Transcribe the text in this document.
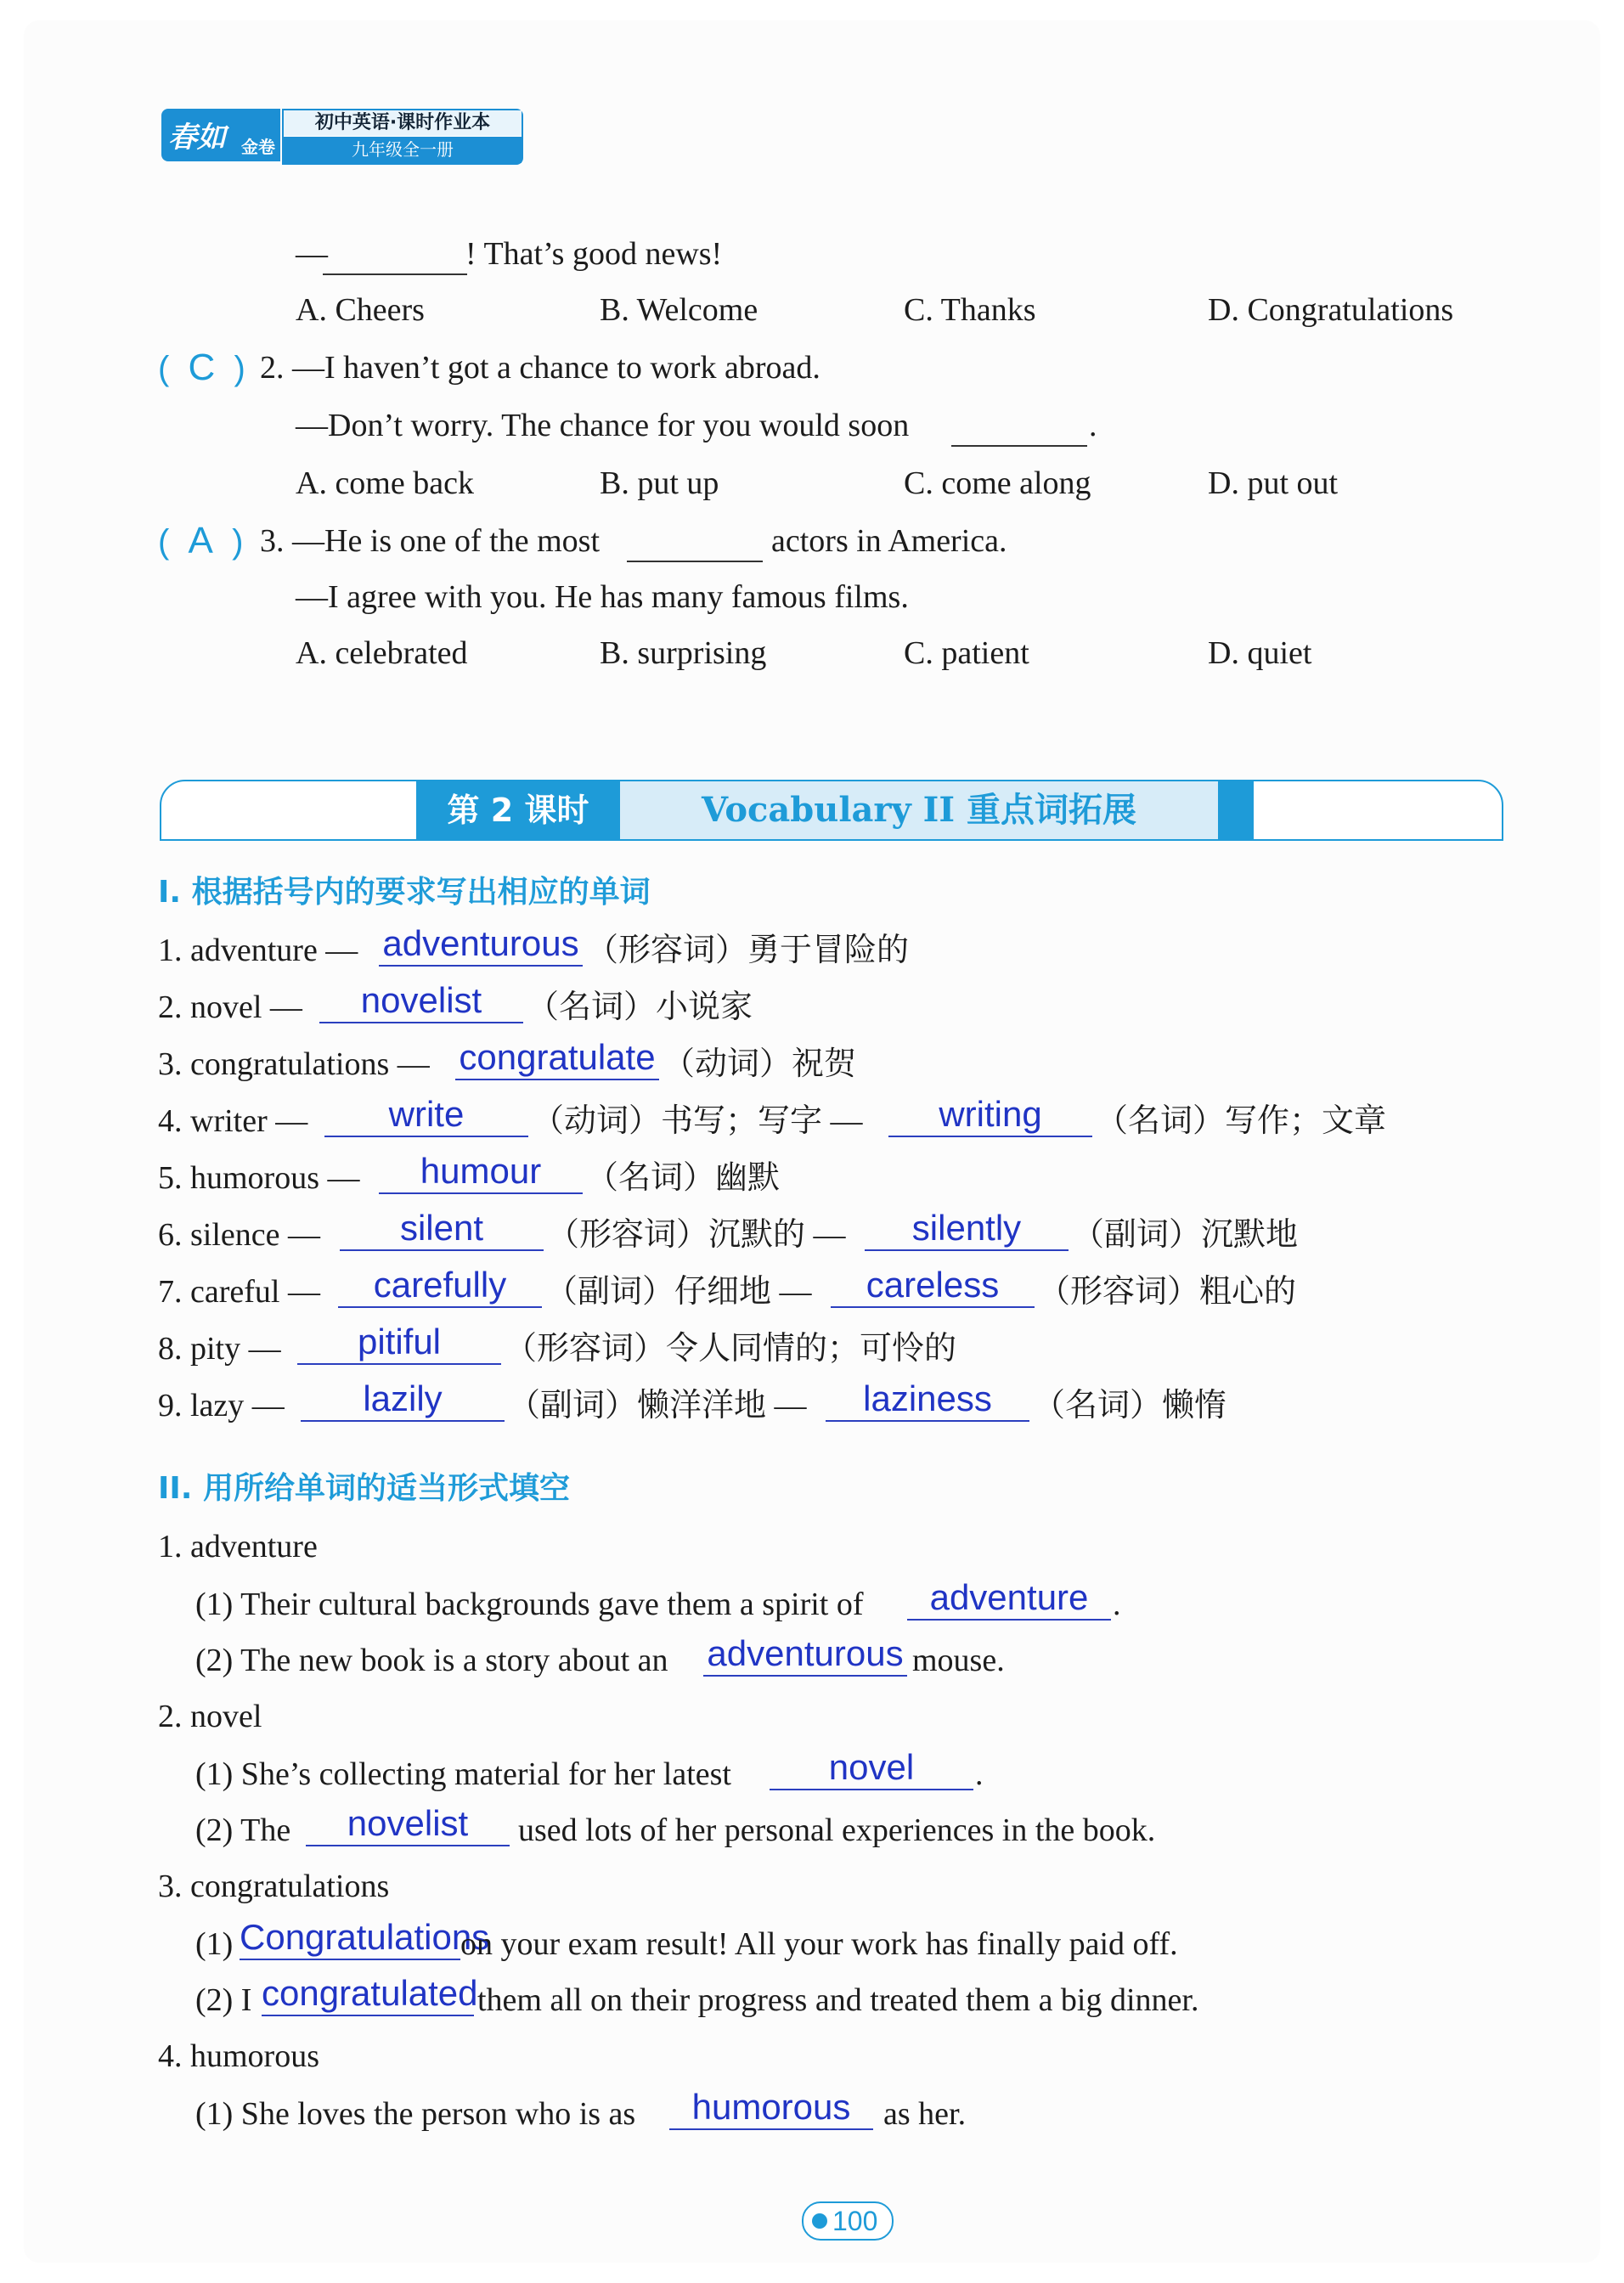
春如 金卷
初中英语·课时作业本
九年级全一册
! That’s good news!
—
A. Cheers	B. Welcome	C. Thanks	D. Congratulations
(  C  ) 2. —I haven’t got a chance to work abroad.
—Don’t worry. The chance for you would soon	.
A. come back	B. put up	C. come along	D. put out
(  A  ) 3. —He is one of the most	actors in America.
—I agree with you. He has many famous films.
A. celebrated	B. surprising	C. patient	D. quiet
第 2 课时	Vocabulary II 重点词拓展
I. 根据括号内的要求写出相应的单词
1. adventure — adventurous （形容词）勇于冒险的
2. novel —	novelist	（名词）小说家
3. congratulations — congratulate （动词）祝贺
4. writer —	write	（动词）书写；写字 —	writing	（名词）写作；文章
5. humorous —	humour	（名词）幽默
6. silence —	silent	（形容词）沉默的 —	silently	（副词）沉默地
7. careful —	carefully	（副词）仔细地 —	careless	（形容词）粗心的
8. pity —	pitiful	（形容词）令人同情的；可怜的
9. lazy —	lazily	（副词）懒洋洋地 —	laziness	（名词）懒惰
II. 用所给单词的适当形式填空
1. adventure
(1) Their cultural backgrounds gave them a spirit of	adventure .
(2) The new book is a story about an adventurous mouse.
2. novel
(1) She’s collecting material for her latest	novel	.
(2) The	novelist	used lots of her personal experiences in the book.
3. congratulations
(1) Congratulations
on your exam result! All your work has finally paid off.
(2) I congratulated them all on their progress and treated them a big dinner.
4. humorous
(1) She loves the person who is as	humorous	as her.
100
